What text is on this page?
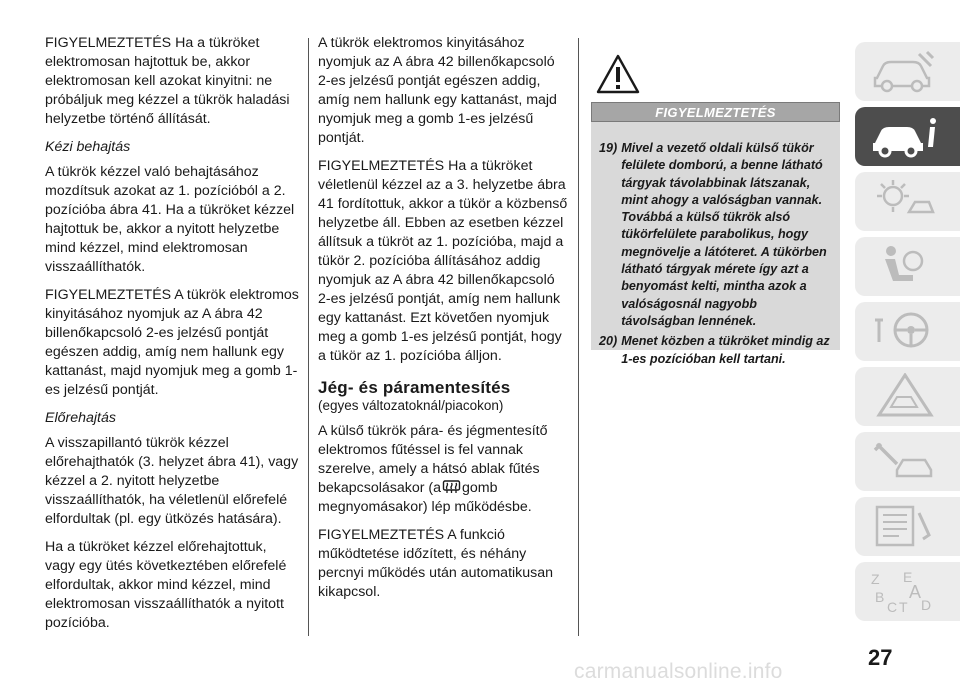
FIGYELMEZTETÉS Ha a tükröket elektromosan hajtottuk be, akkor elektromosan kell azokat kinyitni: ne próbáljuk meg kézzel a tükrök haladási helyzetbe történő állítását.

Kézi behajtás

A tükrök kézzel való behajtásához mozdítsuk azokat az 1. pozícióból a 2. pozícióba ábra 41. Ha a tükröket kézzel hajtottuk be, akkor a nyitott helyzetbe mind kézzel, mind elektromosan visszaállíthatók.

FIGYELMEZTETÉS A tükrök elektromos kinyitásához nyomjuk az A ábra 42 billenőkapcsoló 2-es jelzésű pontját egészen addig, amíg nem hallunk egy kattanást, majd nyomjuk meg a gomb 1-es jelzésű pontját.

Előrehajtás

A visszapillantó tükrök kézzel előrehajthatók (3. helyzet ábra 41), vagy kézzel a 2. nyitott helyzetbe visszaállíthatók, ha véletlenül előrefelé elfordultak (pl. egy ütközés hatására).

Ha a tükröket kézzel előrehajtottuk, vagy egy ütés következtében előrefelé elfordultak, akkor mind kézzel, mind elektromosan visszaállíthatók a nyitott pozícióba.

A tükrök elektromos kinyitásához nyomjuk az A ábra 42 billenőkapcsoló 2-es jelzésű pontját egészen addig, amíg nem hallunk egy kattanást, majd nyomjuk meg a gomb 1-es jelzésű pontját.

FIGYELMEZTETÉS Ha a tükröket véletlenül kézzel az a 3. helyzetbe ábra 41 fordítottuk, akkor a tükör a közbenső helyzetbe áll. Ebben az esetben kézzel állítsuk a tükröt az 1. pozícióba, majd a tükör 2. pozícióba állításához addig nyomjuk az A ábra 42 billenőkapcsoló 2-es jelzésű pontját, amíg nem hallunk egy kattanást. Ezt követően nyomjuk meg a gomb 1-es jelzésű pontját, hogy a tükör az 1. pozícióba álljon.

Jég- és páramentesítés
(egyes változatoknál/piacokon)

A külső tükrök pára- és jégmentesítő elektromos fűtéssel is fel vannak szerelve, amely a hátsó ablak fűtés bekapcsolásakor (a gomb megnyomásakor) lép működésbe.

FIGYELMEZTETÉS A funkció működtetése időzített, és néhány percnyi működés után automatikusan kikapcsol.

FIGYELMEZTETÉS
19) Mivel a vezető oldali külső tükör felülete domború, a benne látható tárgyak távolabbinak látszanak, mint ahogy a valóságban vannak. Továbbá a külső tükrök alsó tükörfelülete parabolikus, hogy megnövelje a látóteret. A tükörben látható tárgyak mérete így azt a benyomást kelti, mintha azok a valóságosnál nagyobb távolságban lennének.
20) Menet közben a tükröket mindig az 1-es pozícióban kell tartani.
Z E
B A
C T D
27
carmanualsonline.info
